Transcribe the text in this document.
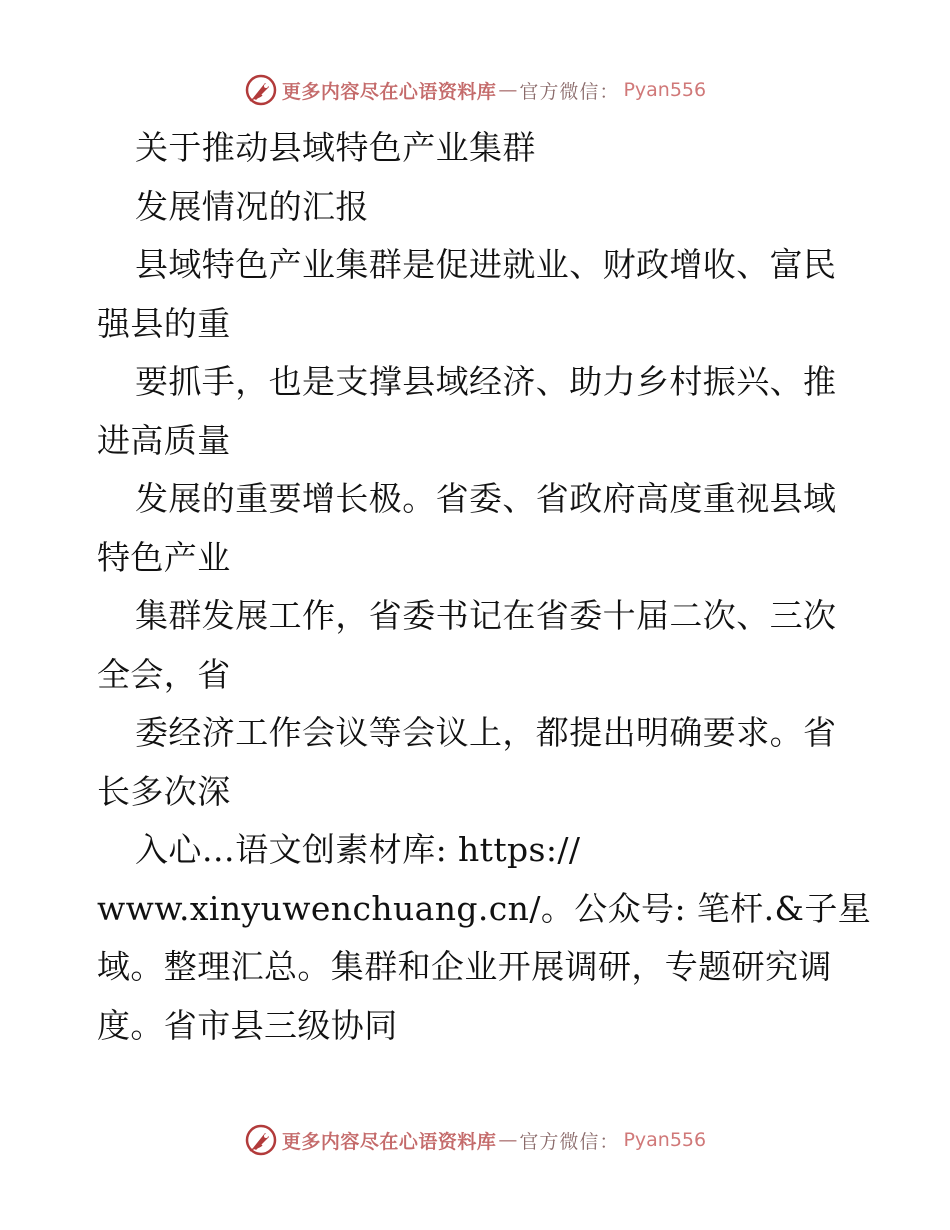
更多内容尽在心语资料库 — 官方微信： Pyan556
关于推动县域特色产业集群
发展情况的汇报
县域特色产业集群是促进就业、财政增收、富民
强县的重
要抓手，也是支撑县域经济、助力乡村振兴、推
进高质量
发展的重要增长极。省委、省政府高度重视县域
特色产业
集群发展工作，省委书记在省委十届二次、三次
全会，省
委经济工作会议等会议上，都提出明确要求。省
长多次深
入心…语文创素材库: https://
www.xinyuwenchuang.cn/。公众号: 笔杆.&子星
域。整理汇总。集群和企业开展调研，专题研究调
度。省市县三级协同
更多内容尽在心语资料库 — 官方微信： Pyan556
